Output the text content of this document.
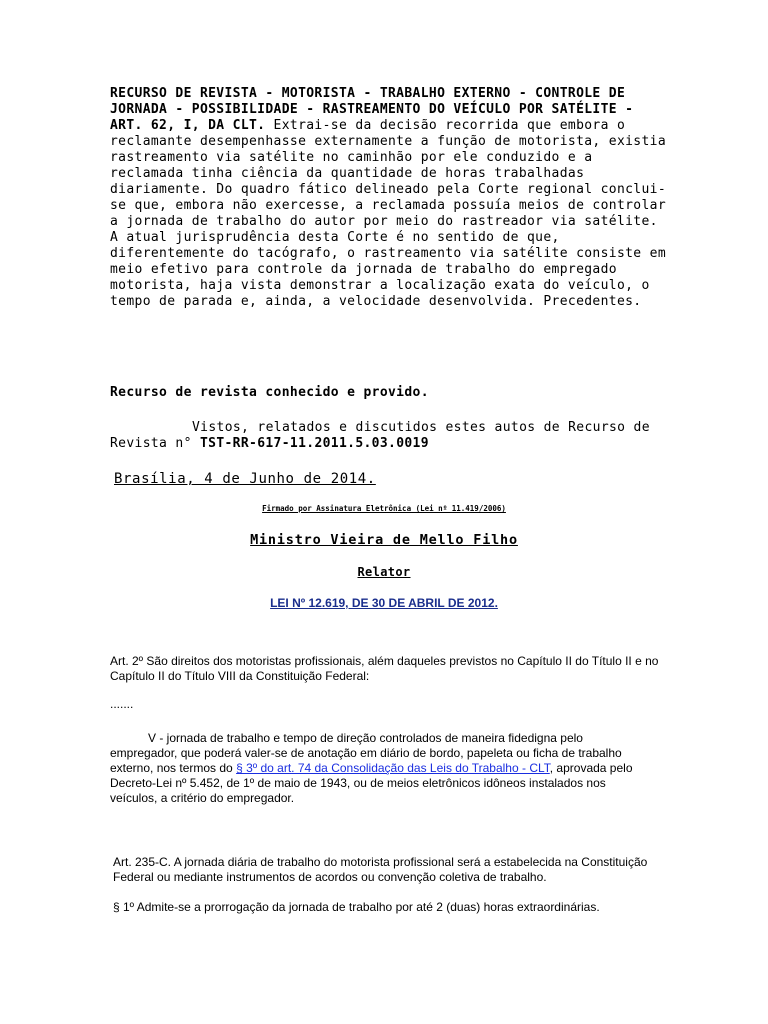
RECURSO DE REVISTA - MOTORISTA - TRABALHO EXTERNO - CONTROLE DE JORNADA - POSSIBILIDADE - RASTREAMENTO DO VEÍCULO POR SATÉLITE - ART. 62, I, DA CLT. Extrai-se da decisão recorrida que embora o reclamante desempenhasse externamente a função de motorista, existia rastreamento via satélite no caminhão por ele conduzido e a reclamada tinha ciência da quantidade de horas trabalhadas diariamente. Do quadro fático delineado pela Corte regional conclui-se que, embora não exercesse, a reclamada possuía meios de controlar a jornada de trabalho do autor por meio do rastreador via satélite. A atual jurisprudência desta Corte é no sentido de que, diferentemente do tacógrafo, o rastreamento via satélite consiste em meio efetivo para controle da jornada de trabalho do empregado motorista, haja vista demonstrar a localização exata do veículo, o tempo de parada e, ainda, a velocidade desenvolvida. Precedentes.

Recurso de revista conhecido e provido.

Vistos, relatados e discutidos estes autos de Recurso de Revista n° TST-RR-617-11.2011.5.03.0019

Brasília, 4 de Junho de 2014.

Firmado por Assinatura Eletrônica (Lei nº 11.419/2006)

Ministro Vieira de Mello Filho

Relator

LEI Nº 12.619, DE 30 DE ABRIL DE 2012.

Art. 2º São direitos dos motoristas profissionais, além daqueles previstos no Capítulo II do Título II e no Capítulo II do Título VIII da Constituição Federal:

.......

V - jornada de trabalho e tempo de direção controlados de maneira fidedigna pelo empregador, que poderá valer-se de anotação em diário de bordo, papeleta ou ficha de trabalho externo, nos termos do § 3º do art. 74 da Consolidação das Leis do Trabalho - CLT, aprovada pelo Decreto-Lei nº 5.452, de 1º de maio de 1943, ou de meios eletrônicos idôneos instalados nos veículos, a critério do empregador.

Art. 235-C. A jornada diária de trabalho do motorista profissional será a estabelecida na Constituição Federal ou mediante instrumentos de acordos ou convenção coletiva de trabalho.

§ 1º Admite-se a prorrogação da jornada de trabalho por até 2 (duas) horas extraordinárias.
